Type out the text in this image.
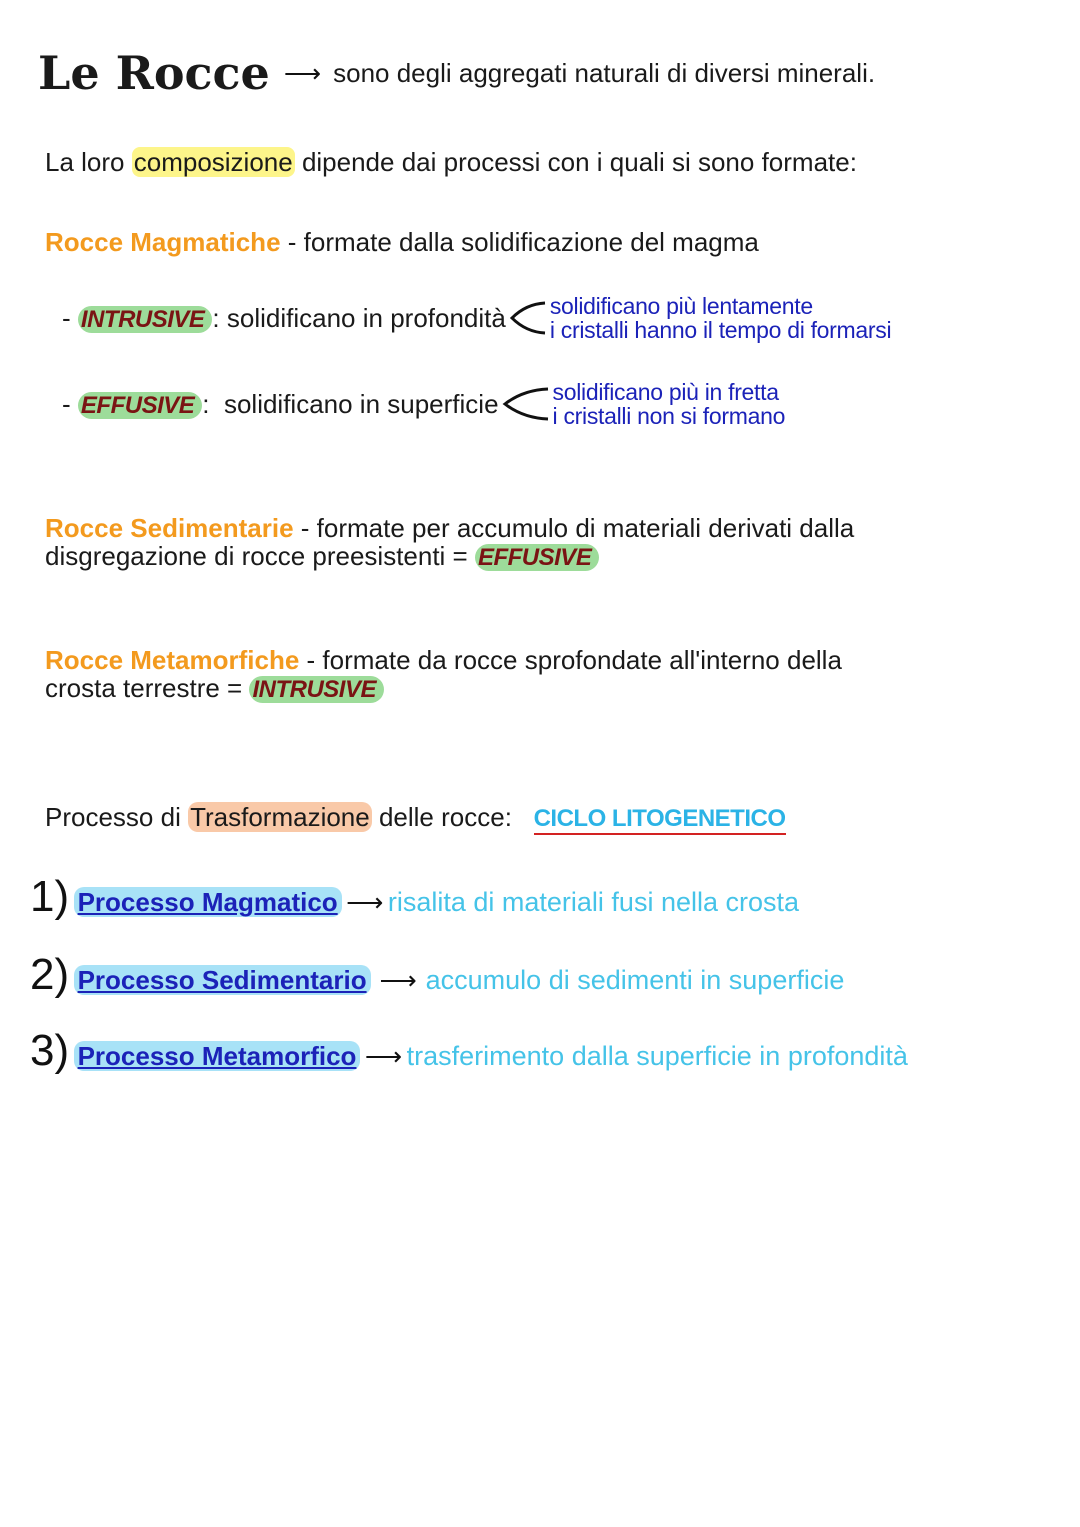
Le Rocce ⟶ sono degli aggregati naturali di diversi minerali.
La loro composizione dipende dai processi con i quali si sono formate:
Rocce Magmatiche - formate dalla solidificazione del magma
- INTRUSIVE : solidificano in profondità solidificano più lentamente
i cristalli hanno il tempo di formarsi
- EFFUSIVE : solidificano in superficie solidificano più in fretta
i cristalli non si formano
Rocce Sedimentarie - formate per accumulo di materiali derivati dalla
disgregazione di rocce preesistenti = EFFUSIVE
Rocce Metamorfiche - formate da rocce sprofondate all'interno della
crosta terrestre = INTRUSIVE
Processo di Trasformazione delle rocce: CICLO LITOGENETICO
1) Processo Magmatico ⟶ risalita di materiali fusi nella crosta
2) Processo Sedimentario ⟶ accumulo di sedimenti in superficie
3) Processo Metamorfico ⟶ trasferimento dalla superficie in profondità
